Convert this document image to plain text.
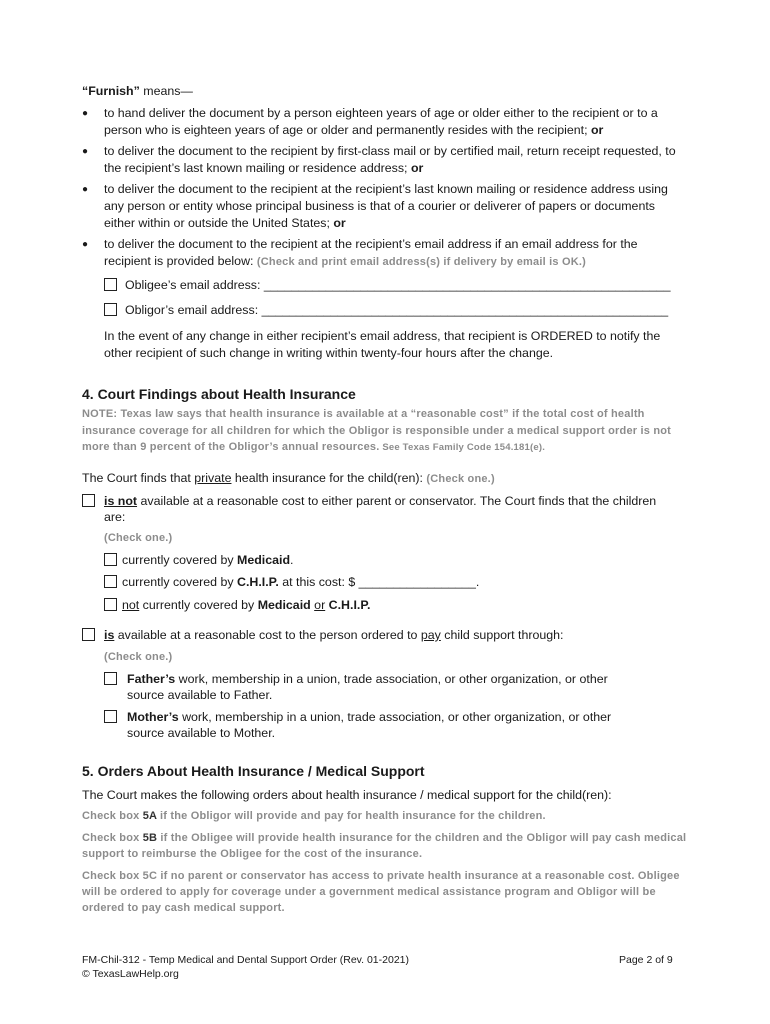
“Furnish” means—
● to hand deliver the document by a person eighteen years of age or older either to the recipient or to a
person who is eighteen years of age or older and permanently resides with the recipient; or
● to deliver the document to the recipient by first-class mail or by certified mail, return receipt requested, to
the recipient’s last known mailing or residence address; or
● to deliver the document to the recipient at the recipient’s last known mailing or residence address using
any person or entity whose principal business is that of a courier or deliverer of papers or documents
either within or outside the United States; or
● to deliver the document to the recipient at the recipient’s email address if an email address for the
recipient is provided below: (Check and print email address(s) if delivery by email is OK.)
Obligee’s email address: ___________________________________________________________
Obligor’s email address: ___________________________________________________________
In the event of any change in either recipient’s email address, that recipient is ORDERED to notify the
other recipient of such change in writing within twenty-four hours after the change.
4. Court Findings about Health Insurance
NOTE: Texas law says that health insurance is available at a “reasonable cost” if the total cost of health
insurance coverage for all children for which the Obligor is responsible under a medical support order is not
more than 9 percent of the Obligor’s annual resources. See Texas Family Code 154.181(e).
The Court finds that private health insurance for the child(ren): (Check one.)
is not available at a reasonable cost to either parent or conservator. The Court finds that the children
are:
(Check one.)
currently covered by Medicaid.
currently covered by C.H.I.P. at this cost: $ _________________.
not currently covered by Medicaid or C.H.I.P.
is available at a reasonable cost to the person ordered to pay child support through:
(Check one.)
Father’s work, membership in a union, trade association, or other organization, or other
source available to Father.
Mother’s work, membership in a union, trade association, or other organization, or other
source available to Mother.
5. Orders About Health Insurance / Medical Support
The Court makes the following orders about health insurance / medical support for the child(ren):
Check box 5A if the Obligor will provide and pay for health insurance for the children.
Check box 5B if the Obligee will provide health insurance for the children and the Obligor will pay cash medical
support to reimburse the Obligee for the cost of the insurance.
Check box 5C if no parent or conservator has access to private health insurance at a reasonable cost. Obligee
will be ordered to apply for coverage under a government medical assistance program and Obligor will be
ordered to pay cash medical support.
FM-Chil-312 - Temp Medical and Dental Support Order (Rev. 01-2021)
© TexasLawHelp.org
Page 2 of 9
